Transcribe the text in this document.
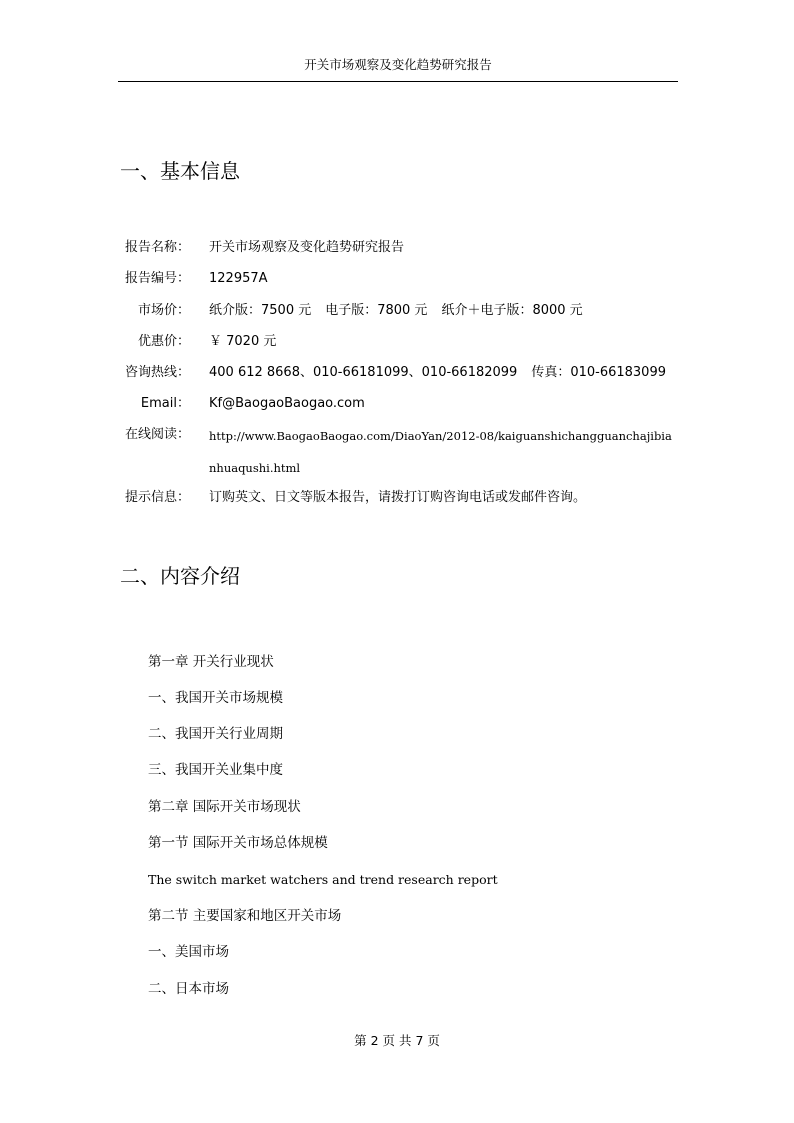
开关市场观察及变化趋势研究报告
一、基本信息
报告名称： 开关市场观察及变化趋势研究报告
报告编号： 122957A
市场价： 纸介版：7500 元 电子版：7800 元 纸介＋电子版：8000 元
优惠价： ￥ 7020 元
咨询热线： 400 612 8668、010-66181099、010-66182099 传真：010-66183099
Email： Kf@BaogaoBaogao.com
在线阅读： http://www.BaogaoBaogao.com/DiaoYan/2012-08/kaiguanshichangguanchajibianhuaqushi.html
提示信息： 订购英文、日文等版本报告，请拨打订购咨询电话或发邮件咨询。
二、内容介绍
第一章 开关行业现状
一、我国开关市场规模
二、我国开关行业周期
三、我国开关业集中度
第二章 国际开关市场现状
第一节 国际开关市场总体规模
The switch market watchers and trend research report
第二节 主要国家和地区开关市场
一、美国市场
二、日本市场
第 2 页 共 7 页
